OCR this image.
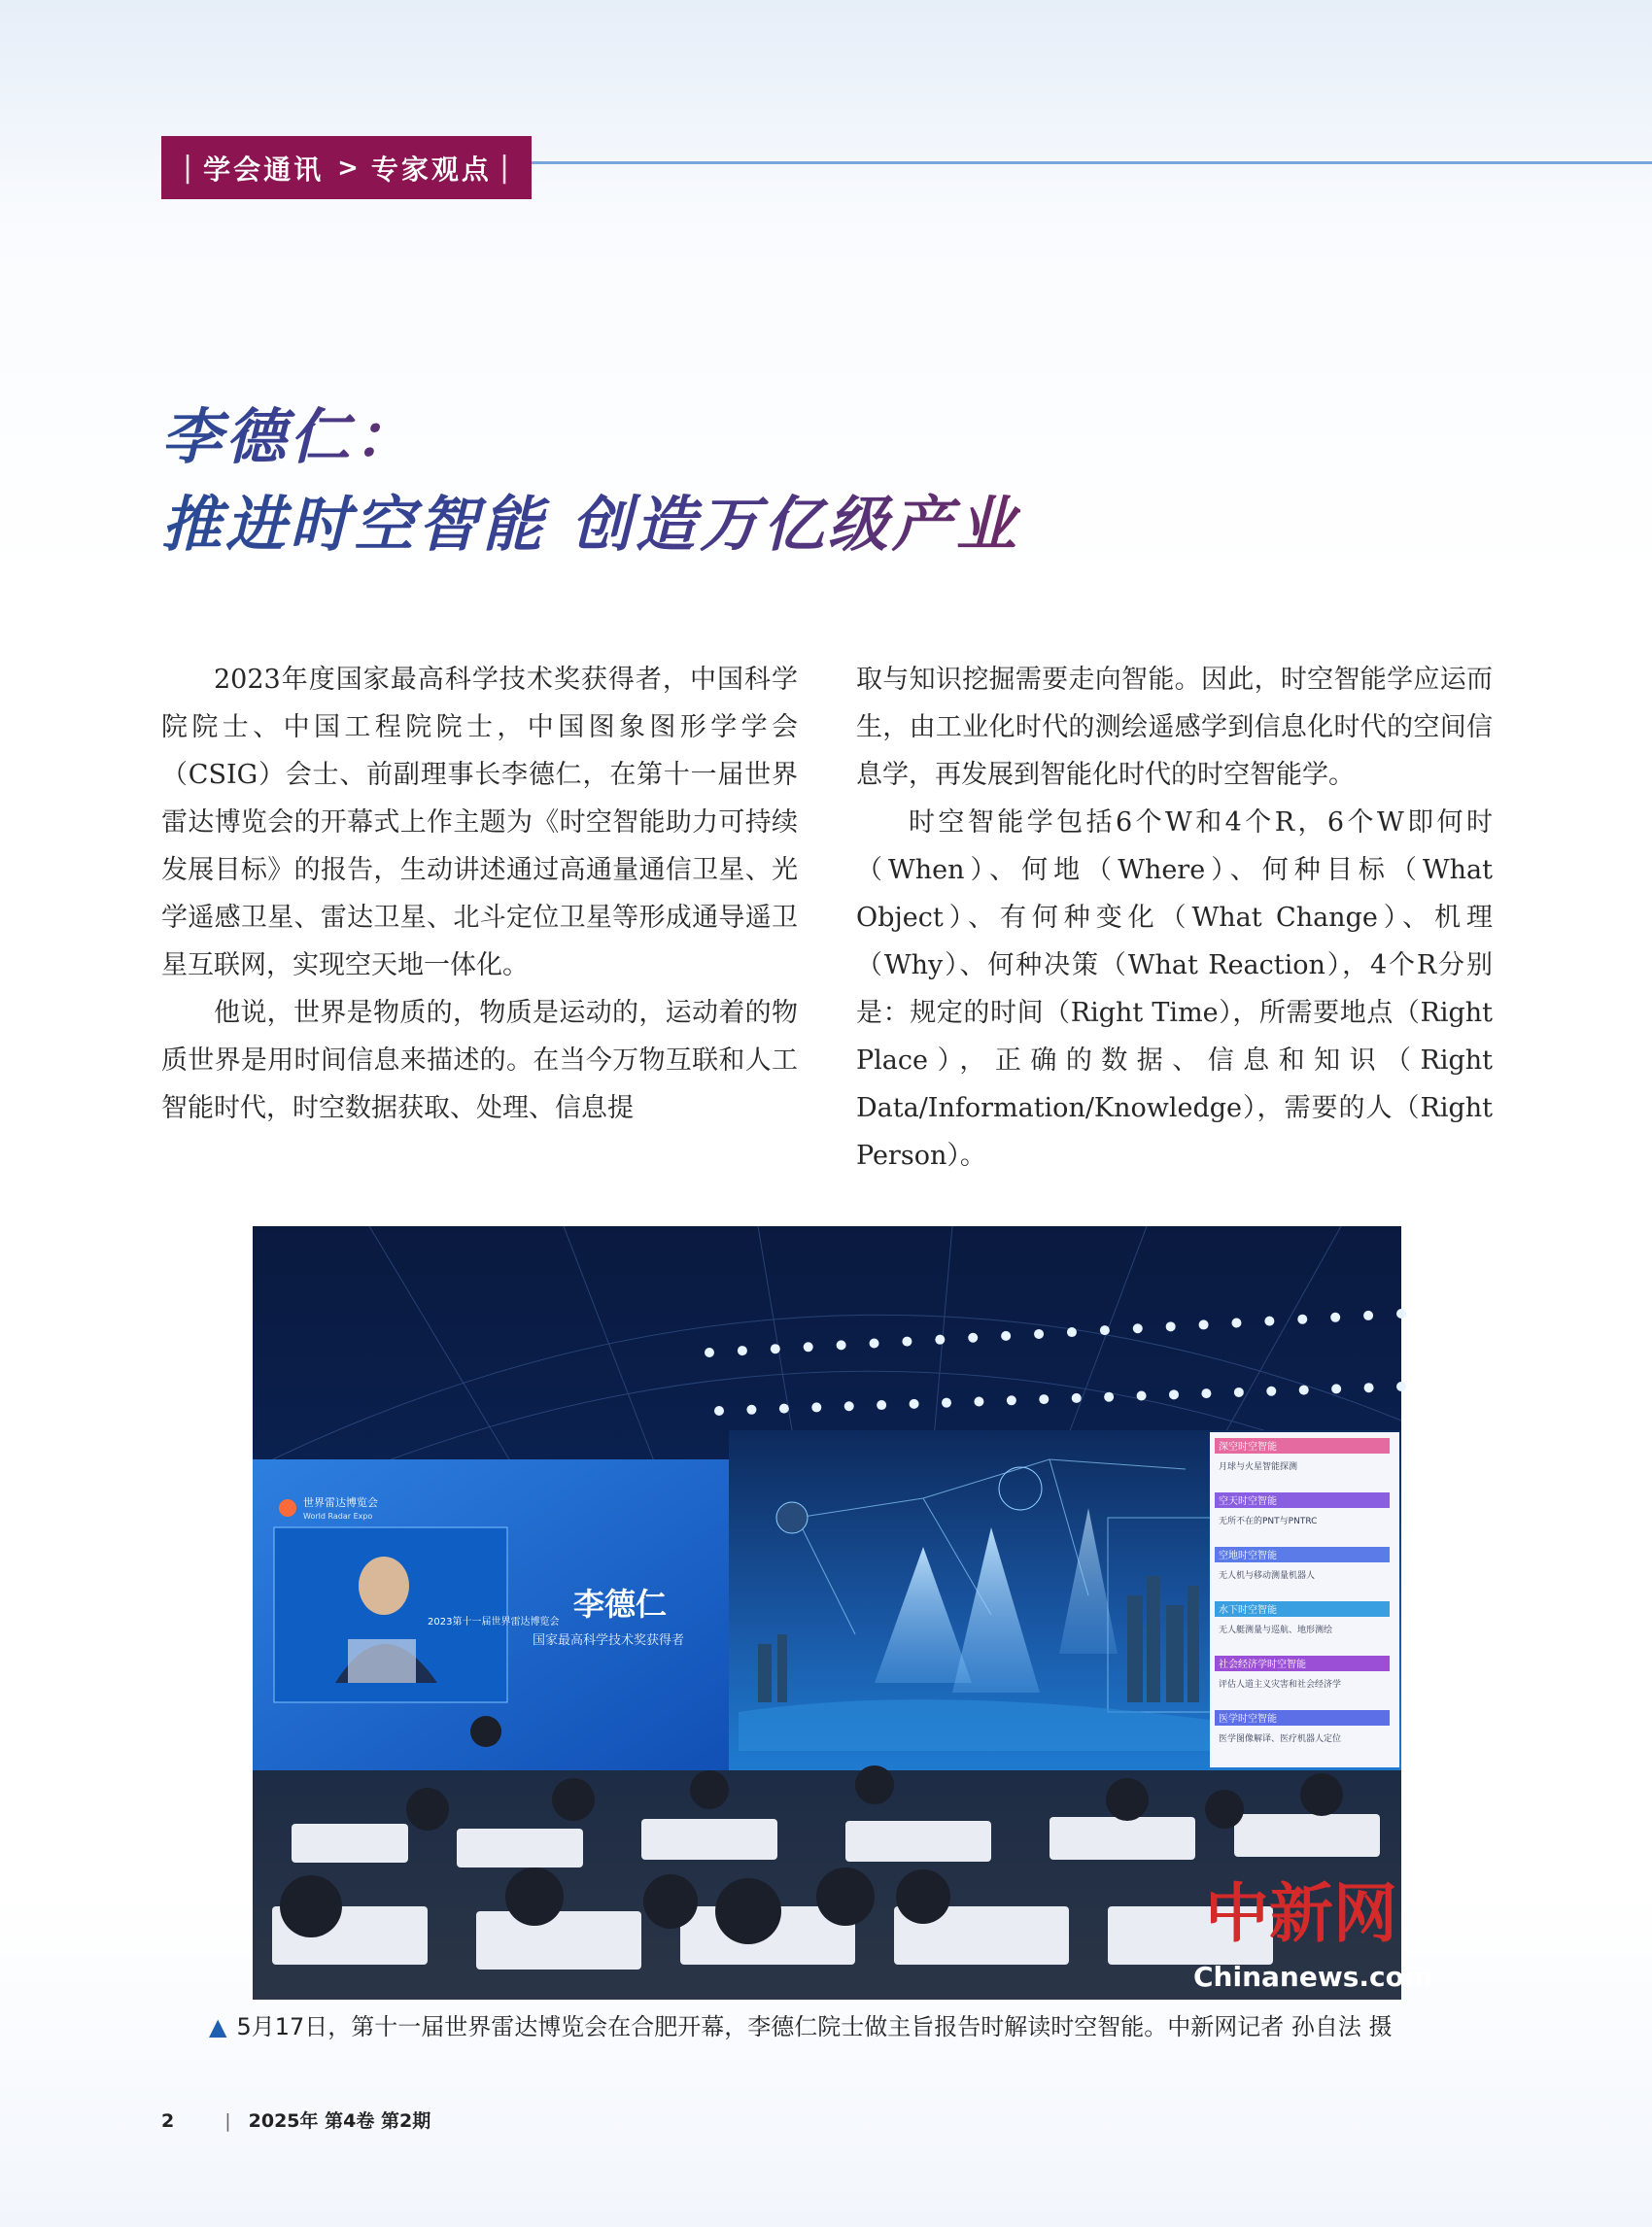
| 学会通讯 > 专家观点 |
李德仁：
推进时空智能 创造万亿级产业

2023年度国家最高科学技术奖获得者，中国科学院院士、中国工程院院士，中国图象图形学学会（CSIG）会士、前副理事长李德仁，在第十一届世界雷达博览会的开幕式上作主题为《时空智能助力可持续发展目标》的报告，生动讲述通过高通量通信卫星、光学遥感卫星、雷达卫星、北斗定位卫星等形成通导遥卫星互联网，实现空天地一体化。

他说，世界是物质的，物质是运动的，运动着的物质世界是用时间信息来描述的。在当今万物互联和人工智能时代，时空数据获取、处理、信息提

取与知识挖掘需要走向智能。因此，时空智能学应运而生，由工业化时代的测绘遥感学到信息化时代的空间信息学，再发展到智能化时代的时空智能学。

时空智能学包括6个W和4个R，6个W即何时（When）、何地（Where）、何种目标（What Object）、有何种变化（What Change）、机理（Why）、何种决策（What Reaction），4个R分别是：规定的时间（Right Time），所需要地点（Right Place），正确的数据、信息和知识（Right Data/Information/Knowledge），需要的人（Right Person）。

世界雷达博览会
World Radar Expo
2023第十一届世界雷达博览会 李德仁
国家最高科学技术奖获得者
深空时空智能
月球与火星智能探测
空天时空智能
无所不在的PNT与PNTRC
空地时空智能
无人机与移动测量机器人
水下时空智能
无人艇测量与巡航、地形测绘
社会经济学时空智能
评估人道主义灾害和社会经济学
医学时空智能
医学图像解译、医疗机器人定位
中新网
Chinanews.com
▲ 5月17日，第十一届世界雷达博览会在合肥开幕，李德仁院士做主旨报告时解读时空智能。中新网记者 孙自法 摄
2	| 2025年 第4卷 第2期
